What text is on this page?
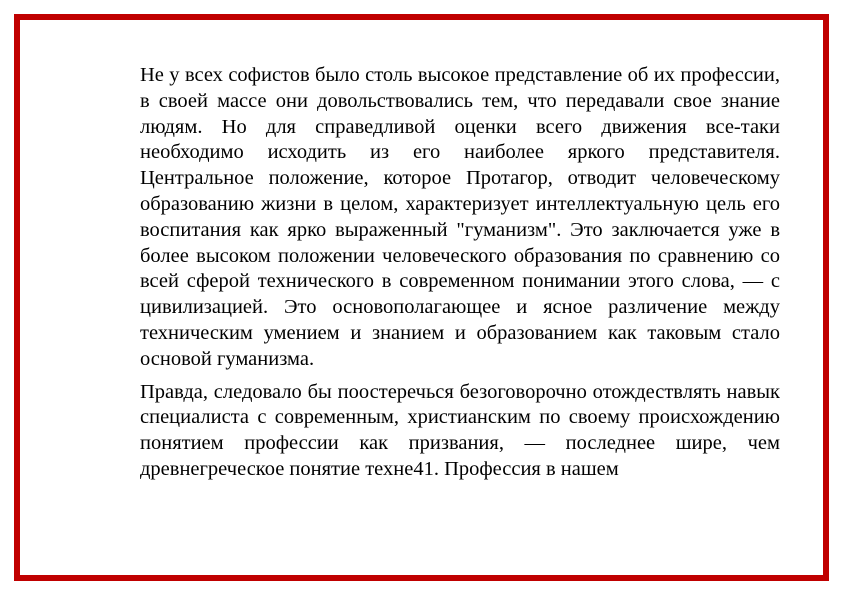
Не у всех софистов было столь высокое представление об их профессии, в своей массе они довольствовались тем, что передавали свое знание людям. Но для справедливой оценки всего движения все-таки необходимо исходить из его наиболее яркого представителя. Центральное положение, которое Протагор, отводит человеческому образованию жизни в целом, характеризует интеллектуальную цель его воспитания как ярко выраженный "гуманизм". Это заключается уже в более высоком положении человеческого образования по сравнению со всей сферой технического в современном понимании этого слова, — с цивилизацией. Это основополагающее и ясное различение между техническим умением и знанием и образованием как таковым стало основой гуманизма.

Правда, следовало бы поостеречься безоговорочно отождествлять навык специалиста с современным, христианским по своему происхождению понятием профессии как призвания, — последнее шире, чем древнегреческое понятие техне41. Профессия в нашем
